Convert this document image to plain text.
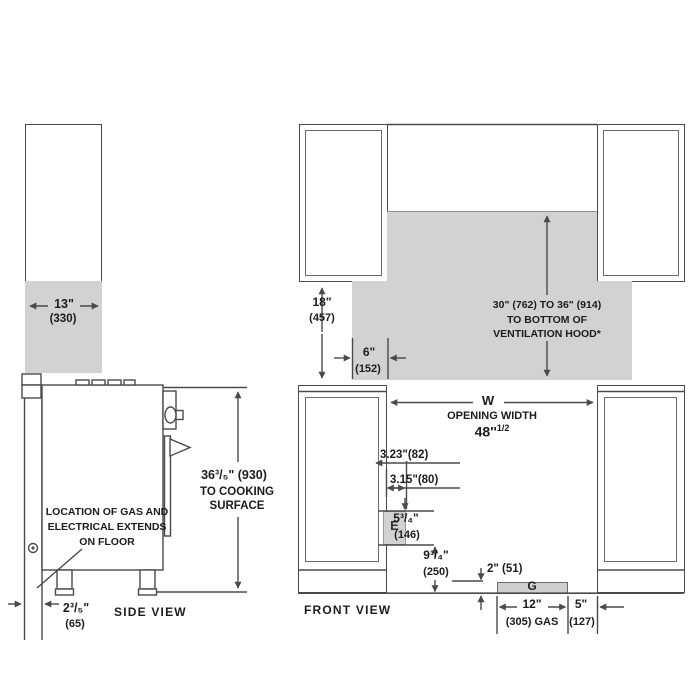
13"
(330)
36³/₅" (930)
TO COOKING
SURFACE
LOCATION OF GAS AND
ELECTRICAL EXTENDS
ON FLOOR
2³/₅"
(65)
SIDE VIEW
18"
(457)
6"
(152)
30" (762) TO 36" (914)
TO BOTTOM OF
VENTILATION HOOD*
W
OPENING WIDTH
$48''^{1/2}$
3.23"(82)
3.15"(80)
E
5³/₄"
(146)
9³/₄"
(250)	2" (51)
G
12"
(305) GAS
5"
(127)
FRONT VIEW
